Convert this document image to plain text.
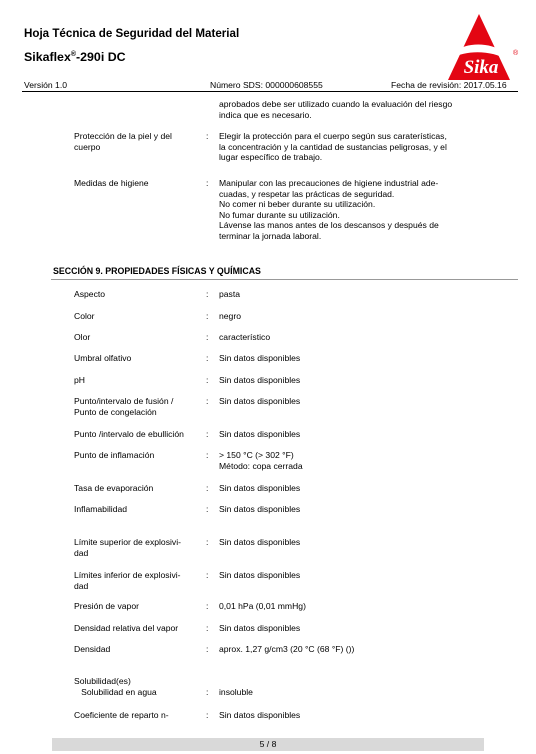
Hoja Técnica de Seguridad del Material
Sikaflex®-290i DC	Sika
®
Versión 1.0	Número SDS: 000000608555	Fecha de revisión: 2017.05.16
aprobados debe ser utilizado cuando la evaluación del riesgo
indica que es necesario.
Protección de la piel y del
cuerpo
: Elegir la protección para el cuerpo según sus caraterísticas,
la concentración y la cantidad de sustancias peligrosas, y el
lugar específico de trabajo.
Medidas de higiene	: Manipular con las precauciones de higiene industrial ade-
cuadas, y respetar las prácticas de seguridad.
No comer ni beber durante su utilización.
No fumar durante su utilización.
Lávense las manos antes de los descansos y después de
terminar la jornada laboral.
SECCIÓN 9. PROPIEDADES FÍSICAS Y QUÍMICAS
Aspecto	: pasta
Color	: negro
Olor	: característico
Umbral olfativo	: Sin datos disponibles
pH	: Sin datos disponibles
Punto/intervalo de fusión /
Punto de congelación
: Sin datos disponibles
Punto /intervalo de ebullición	: Sin datos disponibles
Punto de inflamación	: > 150 °C (> 302 °F)
Método: copa cerrada
Tasa de evaporación	: Sin datos disponibles
Inflamabilidad	: Sin datos disponibles
Límite superior de explosivi-
dad
: Sin datos disponibles
Límites inferior de explosivi-
dad
: Sin datos disponibles
Presión de vapor	: 0,01 hPa (0,01 mmHg)
Densidad relativa del vapor	: Sin datos disponibles
Densidad	: aprox. 1,27 g/cm3 (20 °C (68 °F) ())
Solubilidad(es)
Solubilidad en agua	: insoluble
Coeficiente de reparto n-	: Sin datos disponibles
5 / 8
